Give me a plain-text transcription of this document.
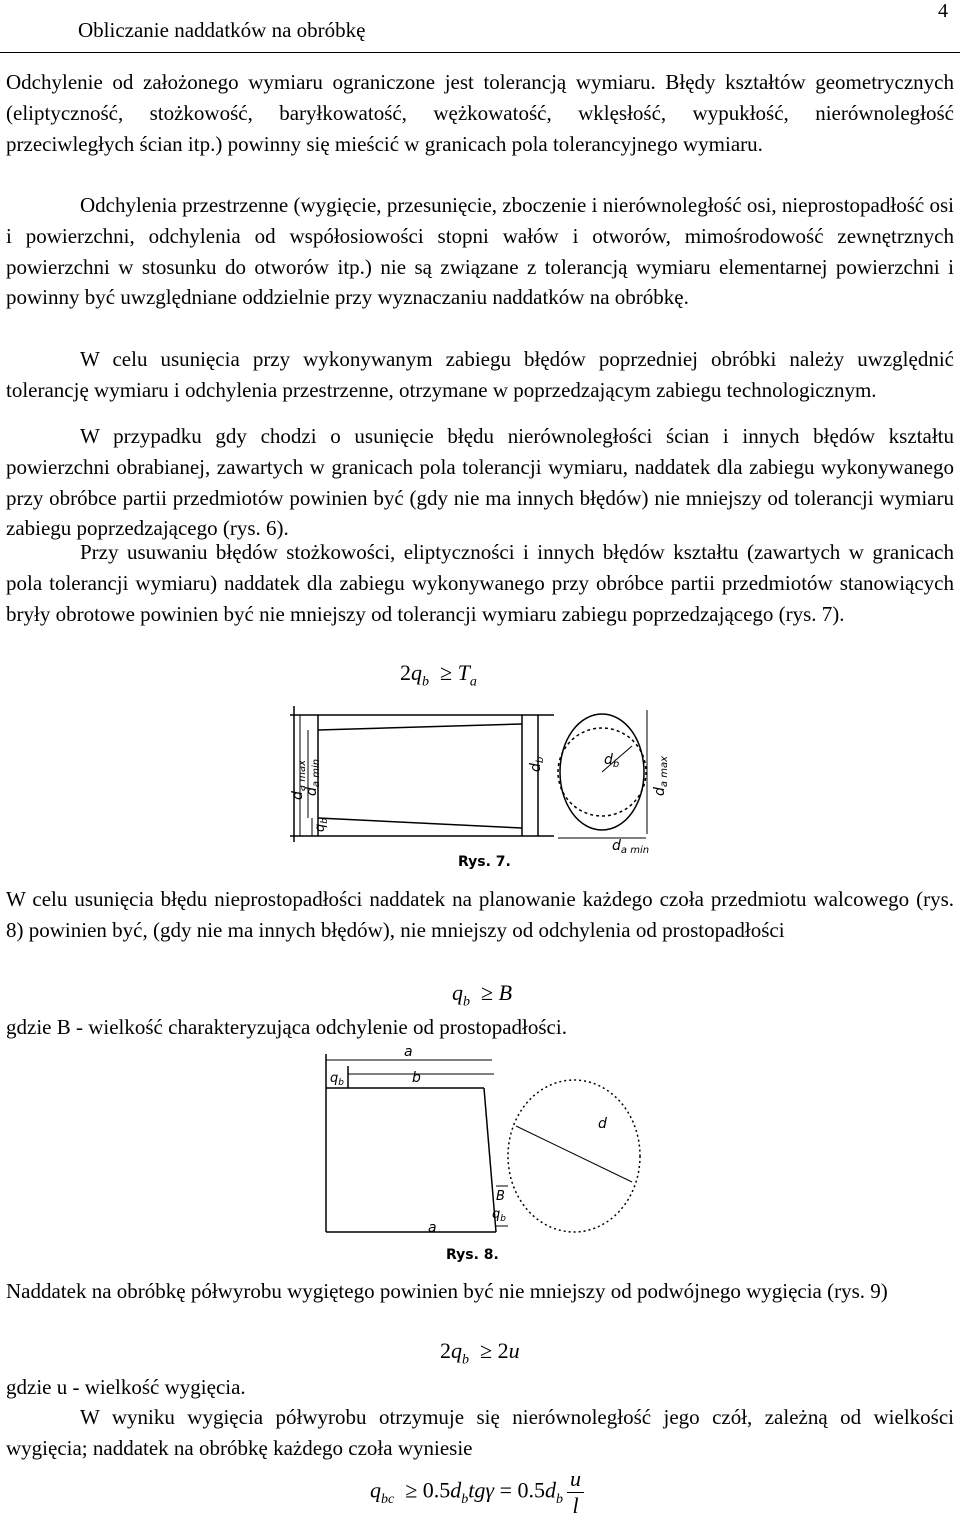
Obliczanie naddatków na obróbkę
4

Odchylenie od założonego wymiaru ograniczone jest tolerancją wymiaru. Błędy kształtów geometrycznych (eliptyczność, stożkowość, baryłkowatość, wężkowatość, wklęsłość, wypukłość, nierównoległość przeciwległych ścian itp.) powinny się mieścić w granicach pola tolerancyjnego wymiaru.

Odchylenia przestrzenne (wygięcie, przesunięcie, zboczenie i nierównoległość osi, nieprostopadłość osi i powierzchni, odchylenia od współosiowości stopni wałów i otworów, mimośrodowość zewnętrznych powierzchni w stosunku do otworów itp.) nie są związane z tolerancją wymiaru elementarnej powierzchni i powinny być uwzględniane oddzielnie przy wyznaczaniu naddatków na obróbkę.

W celu usunięcia przy wykonywanym zabiegu błędów poprzedniej obróbki należy uwzględnić tolerancję wymiaru i odchylenia przestrzenne, otrzymane w poprzedzającym zabiegu technologicznym.

W przypadku gdy chodzi o usunięcie błędu nierównoległości ścian i innych błędów kształtu powierzchni obrabianej, zawartych w granicach pola tolerancji wymiaru, naddatek dla zabiegu wykonywanego przy obróbce partii przedmiotów powinien być (gdy nie ma innych błędów) nie mniejszy od tolerancji wymiaru zabiegu poprzedzającego (rys. 6).

Przy usuwaniu błędów stożkowości, eliptyczności i innych błędów kształtu (zawartych w granicach pola tolerancji wymiaru) naddatek dla zabiegu wykonywanego przy obróbce partii przedmiotów stanowiących bryły obrotowe powinien być nie mniejszy od tolerancji wymiaru zabiegu poprzedzającego (rys. 7).

$2q_b \ge T_a$
$d_{a max}$
$d_{a min}$	$d_b$
$q_b$
$d_b$
$d_{a max}$
$d_{a min}$
Rys. 7.

W celu usunięcia błędu nieprostopadłości naddatek na planowanie każdego czoła przedmiotu walcowego (rys. 8) powinien być, (gdy nie ma innych błędów), nie mniejszy od odchylenia od prostopadłości

$q_b \ge B$

gdzie B - wielkość charakteryzująca odchylenie od prostopadłości.

a
$q_b$	b
d
B
$q_b$
a
Rys. 8.

Naddatek na obróbkę półwyrobu wygiętego powinien być nie mniejszy od podwójnego wygięcia (rys. 9)

$2q_b \ge 2u$

gdzie u - wielkość wygięcia.

W wyniku wygięcia półwyrobu otrzymuje się nierównoległość jego czół, zależną od wielkości wygięcia; naddatek na obróbkę każdego czoła wyniesie

$q_{bc} \ge 0.5d_btg\gamma = 0.5d_b \frac{u}{l}$
